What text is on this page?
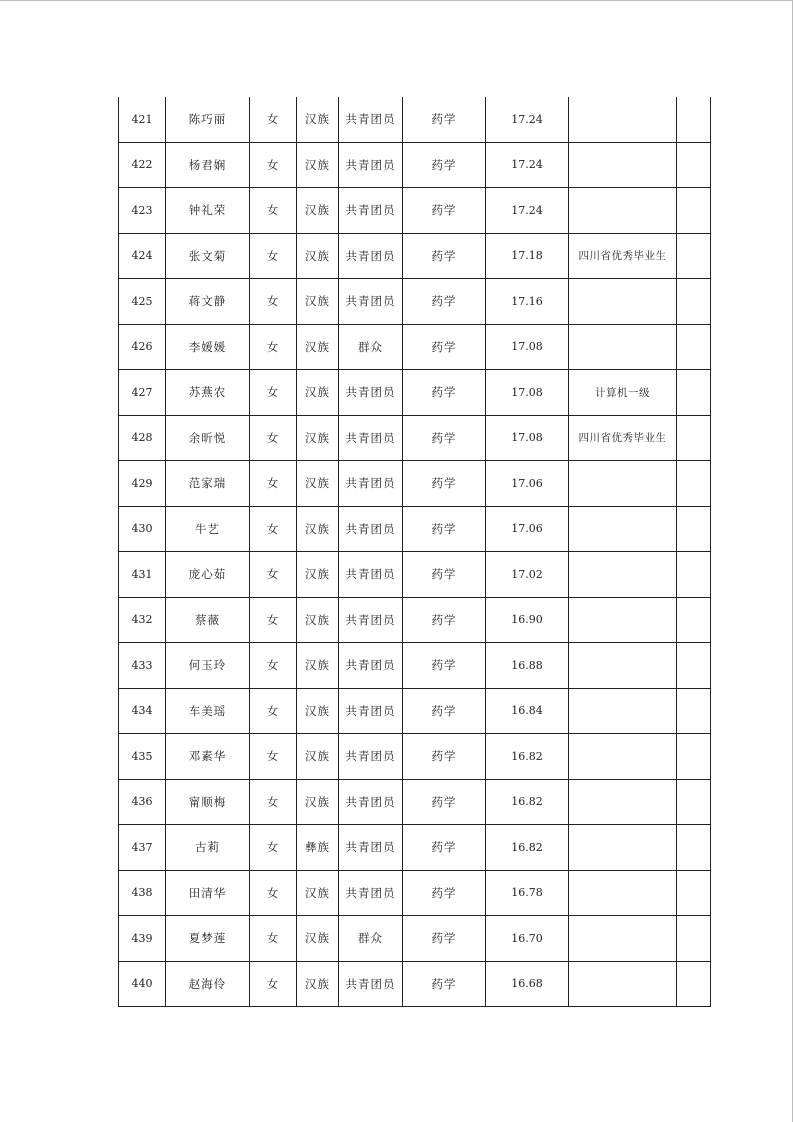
421	陈巧丽	女	汉族	共青团员	药学	17.24		
422	杨君娴	女	汉族	共青团员	药学	17.24		
423	钟礼荣	女	汉族	共青团员	药学	17.24		
424	张文菊	女	汉族	共青团员	药学	17.18	四川省优秀毕业生	
425	蒋文静	女	汉族	共青团员	药学	17.16		
426	李媛媛	女	汉族	群众	药学	17.08		
427	苏燕农	女	汉族	共青团员	药学	17.08	计算机一级	
428	余昕悦	女	汉族	共青团员	药学	17.08	四川省优秀毕业生	
429	范家瑞	女	汉族	共青团员	药学	17.06		
430	牛艺	女	汉族	共青团员	药学	17.06		
431	庞心茹	女	汉族	共青团员	药学	17.02		
432	蔡薇	女	汉族	共青团员	药学	16.90		
433	何玉玲	女	汉族	共青团员	药学	16.88		
434	车美瑶	女	汉族	共青团员	药学	16.84		
435	邓素华	女	汉族	共青团员	药学	16.82		
436	甯顺梅	女	汉族	共青团员	药学	16.82		
437	古莉	女	彝族	共青团员	药学	16.82		
438	田清华	女	汉族	共青团员	药学	16.78		
439	夏梦莲	女	汉族	群众	药学	16.70		
440	赵海伶	女	汉族	共青团员	药学	16.68		
